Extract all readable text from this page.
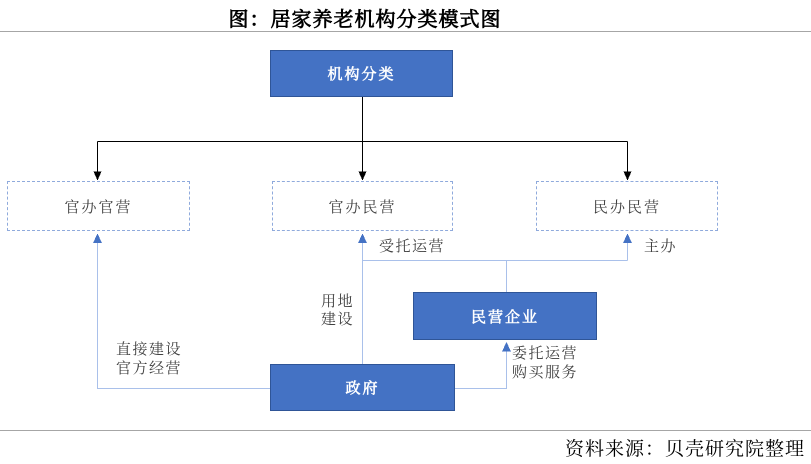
图：居家养老机构分类模式图
机构分类
官办官营	官办民营	民办民营
民营企业
政府
受托运营	主办
用地
建设
直接建设
官方经营
委托运营
购买服务
资料来源：贝壳研究院整理
